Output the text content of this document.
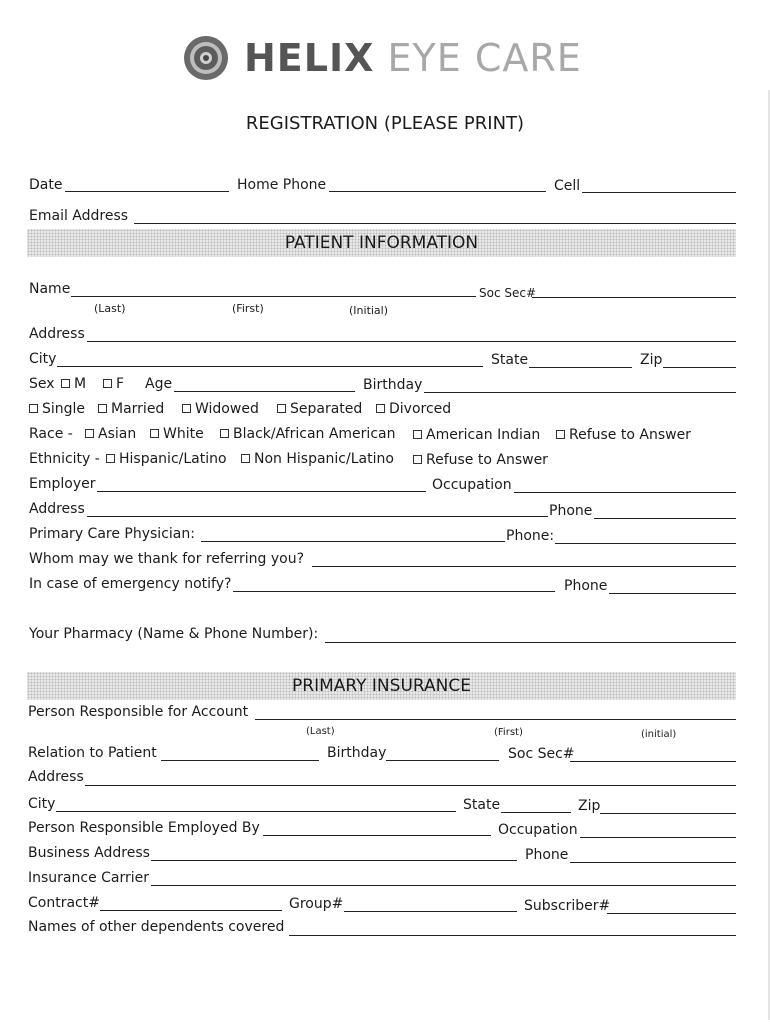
HELIX EYE CARE
REGISTRATION (PLEASE PRINT)
Date	Home Phone	Cell
Email Address
PATIENT INFORMATION
Name	Soc Sec#
(Last)	(First)	(Initial)
Address
City	State	Zip
Sex	M	F Age	Birthday
Single	Married	Widowed	Separated	Divorced
Race -	Asian	White	Black/African American	American Indian	Refuse to Answer
Ethnicity -	Hispanic/Latino	Non Hispanic/Latino	Refuse to Answer
Employer	Occupation
Address	Phone
Primary Care Physician:	Phone:
Whom may we thank for referring you?
In case of emergency notify?	Phone
Your Pharmacy (Name & Phone Number):
PRIMARY INSURANCE
Person Responsible for Account
(Last)	(First)	(initial)
Relation to Patient	Birthday	Soc Sec#
Address
City	State	Zip
Person Responsible Employed By	Occupation
Business Address	Phone
Insurance Carrier
Contract#	Group#	Subscriber#
Names of other dependents covered
